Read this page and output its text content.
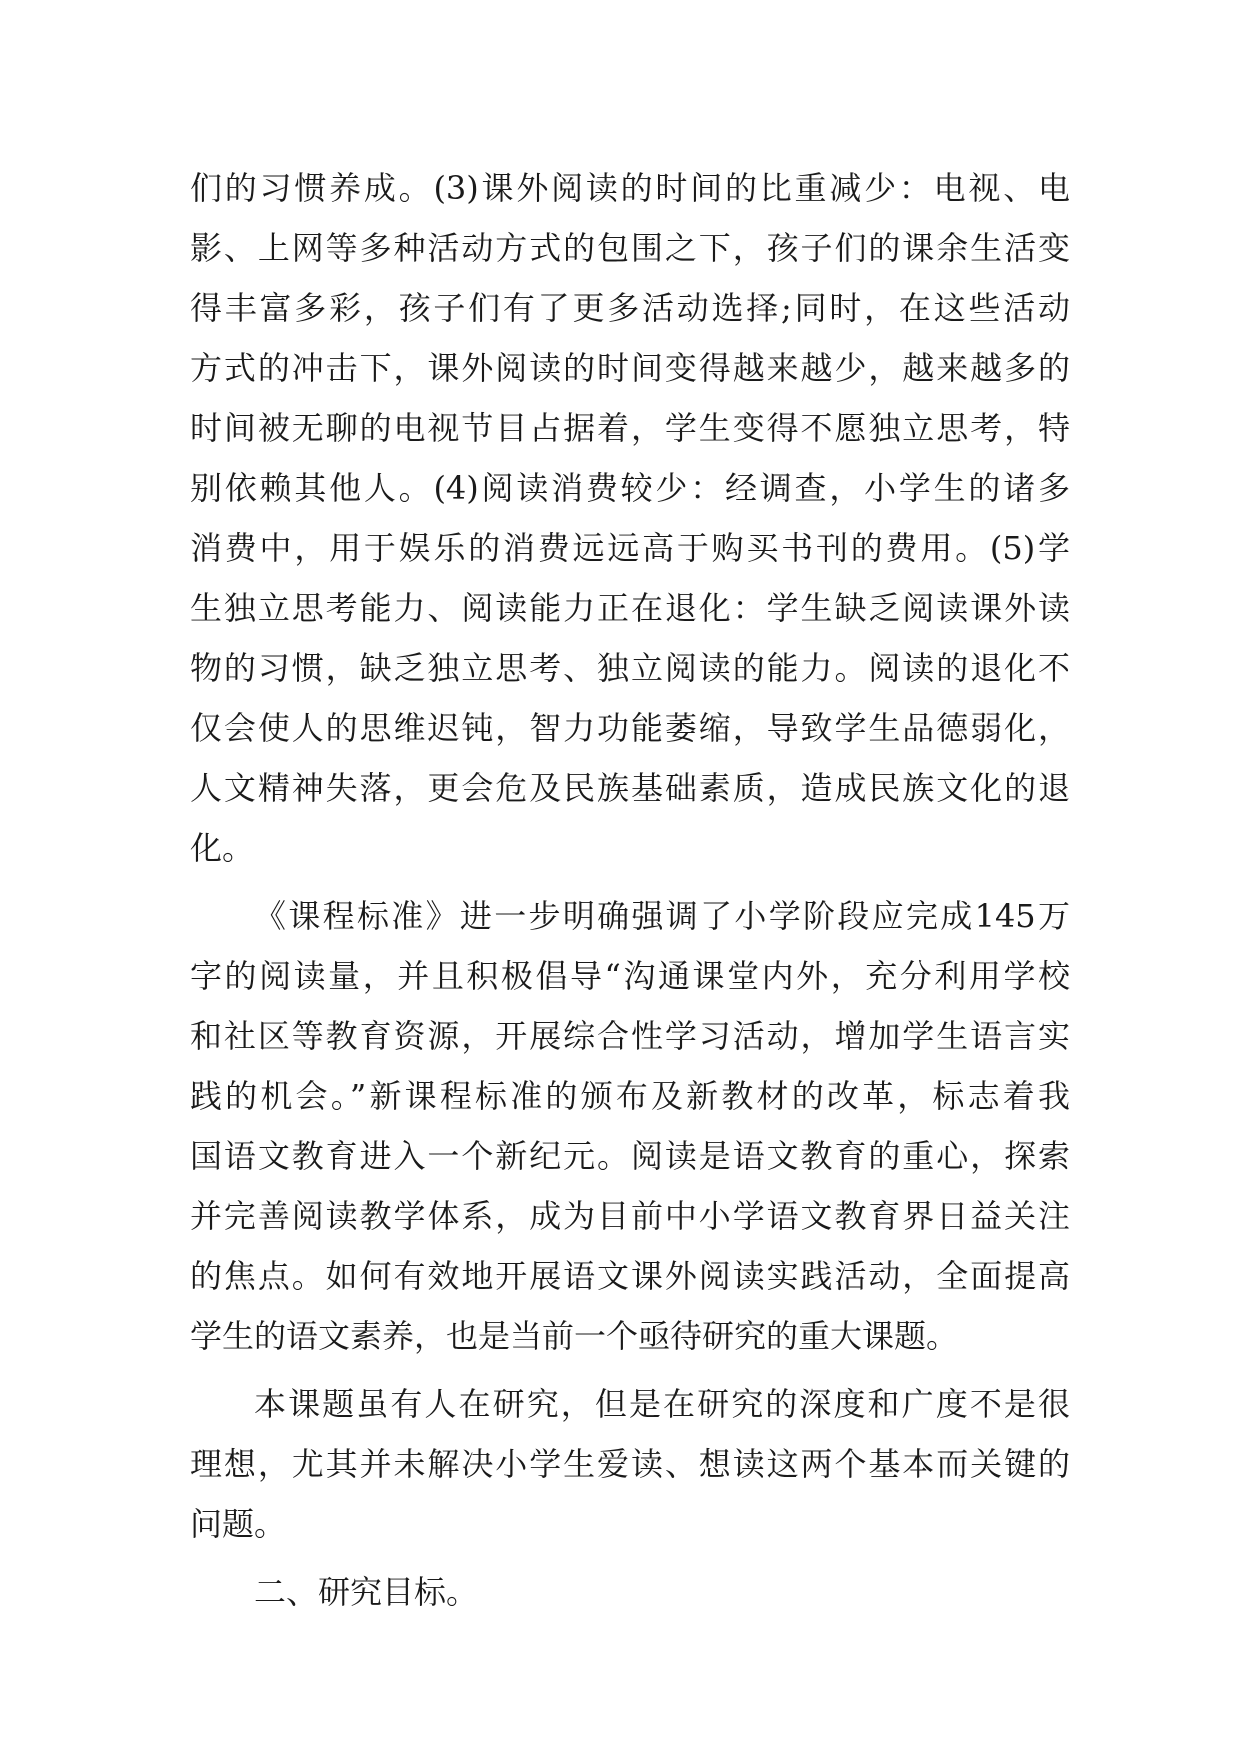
们的习惯养成。(3)课外阅读的时间的比重减少：电视、电
影、上网等多种活动方式的包围之下，孩子们的课余生活变
得丰富多彩，孩子们有了更多活动选择;同时，在这些活动
方式的冲击下，课外阅读的时间变得越来越少，越来越多的
时间被无聊的电视节目占据着，学生变得不愿独立思考，特
别依赖其他人。(4)阅读消费较少：经调查，小学生的诸多
消费中，用于娱乐的消费远远高于购买书刊的费用。(5)学
生独立思考能力、阅读能力正在退化：学生缺乏阅读课外读
物的习惯，缺乏独立思考、独立阅读的能力。阅读的退化不
仅会使人的思维迟钝，智力功能萎缩，导致学生品德弱化，
人文精神失落，更会危及民族基础素质，造成民族文化的退
化。
《课程标准》进一步明确强调了小学阶段应完成145万
字的阅读量，并且积极倡导“沟通课堂内外，充分利用学校
和社区等教育资源，开展综合性学习活动，增加学生语言实
践的机会。”新课程标准的颁布及新教材的改革，标志着我
国语文教育进入一个新纪元。阅读是语文教育的重心，探索
并完善阅读教学体系，成为目前中小学语文教育界日益关注
的焦点。如何有效地开展语文课外阅读实践活动，全面提高
学生的语文素养，也是当前一个亟待研究的重大课题。
本课题虽有人在研究，但是在研究的深度和广度不是很
理想，尤其并未解决小学生爱读、想读这两个基本而关键的
问题。
二、研究目标。
